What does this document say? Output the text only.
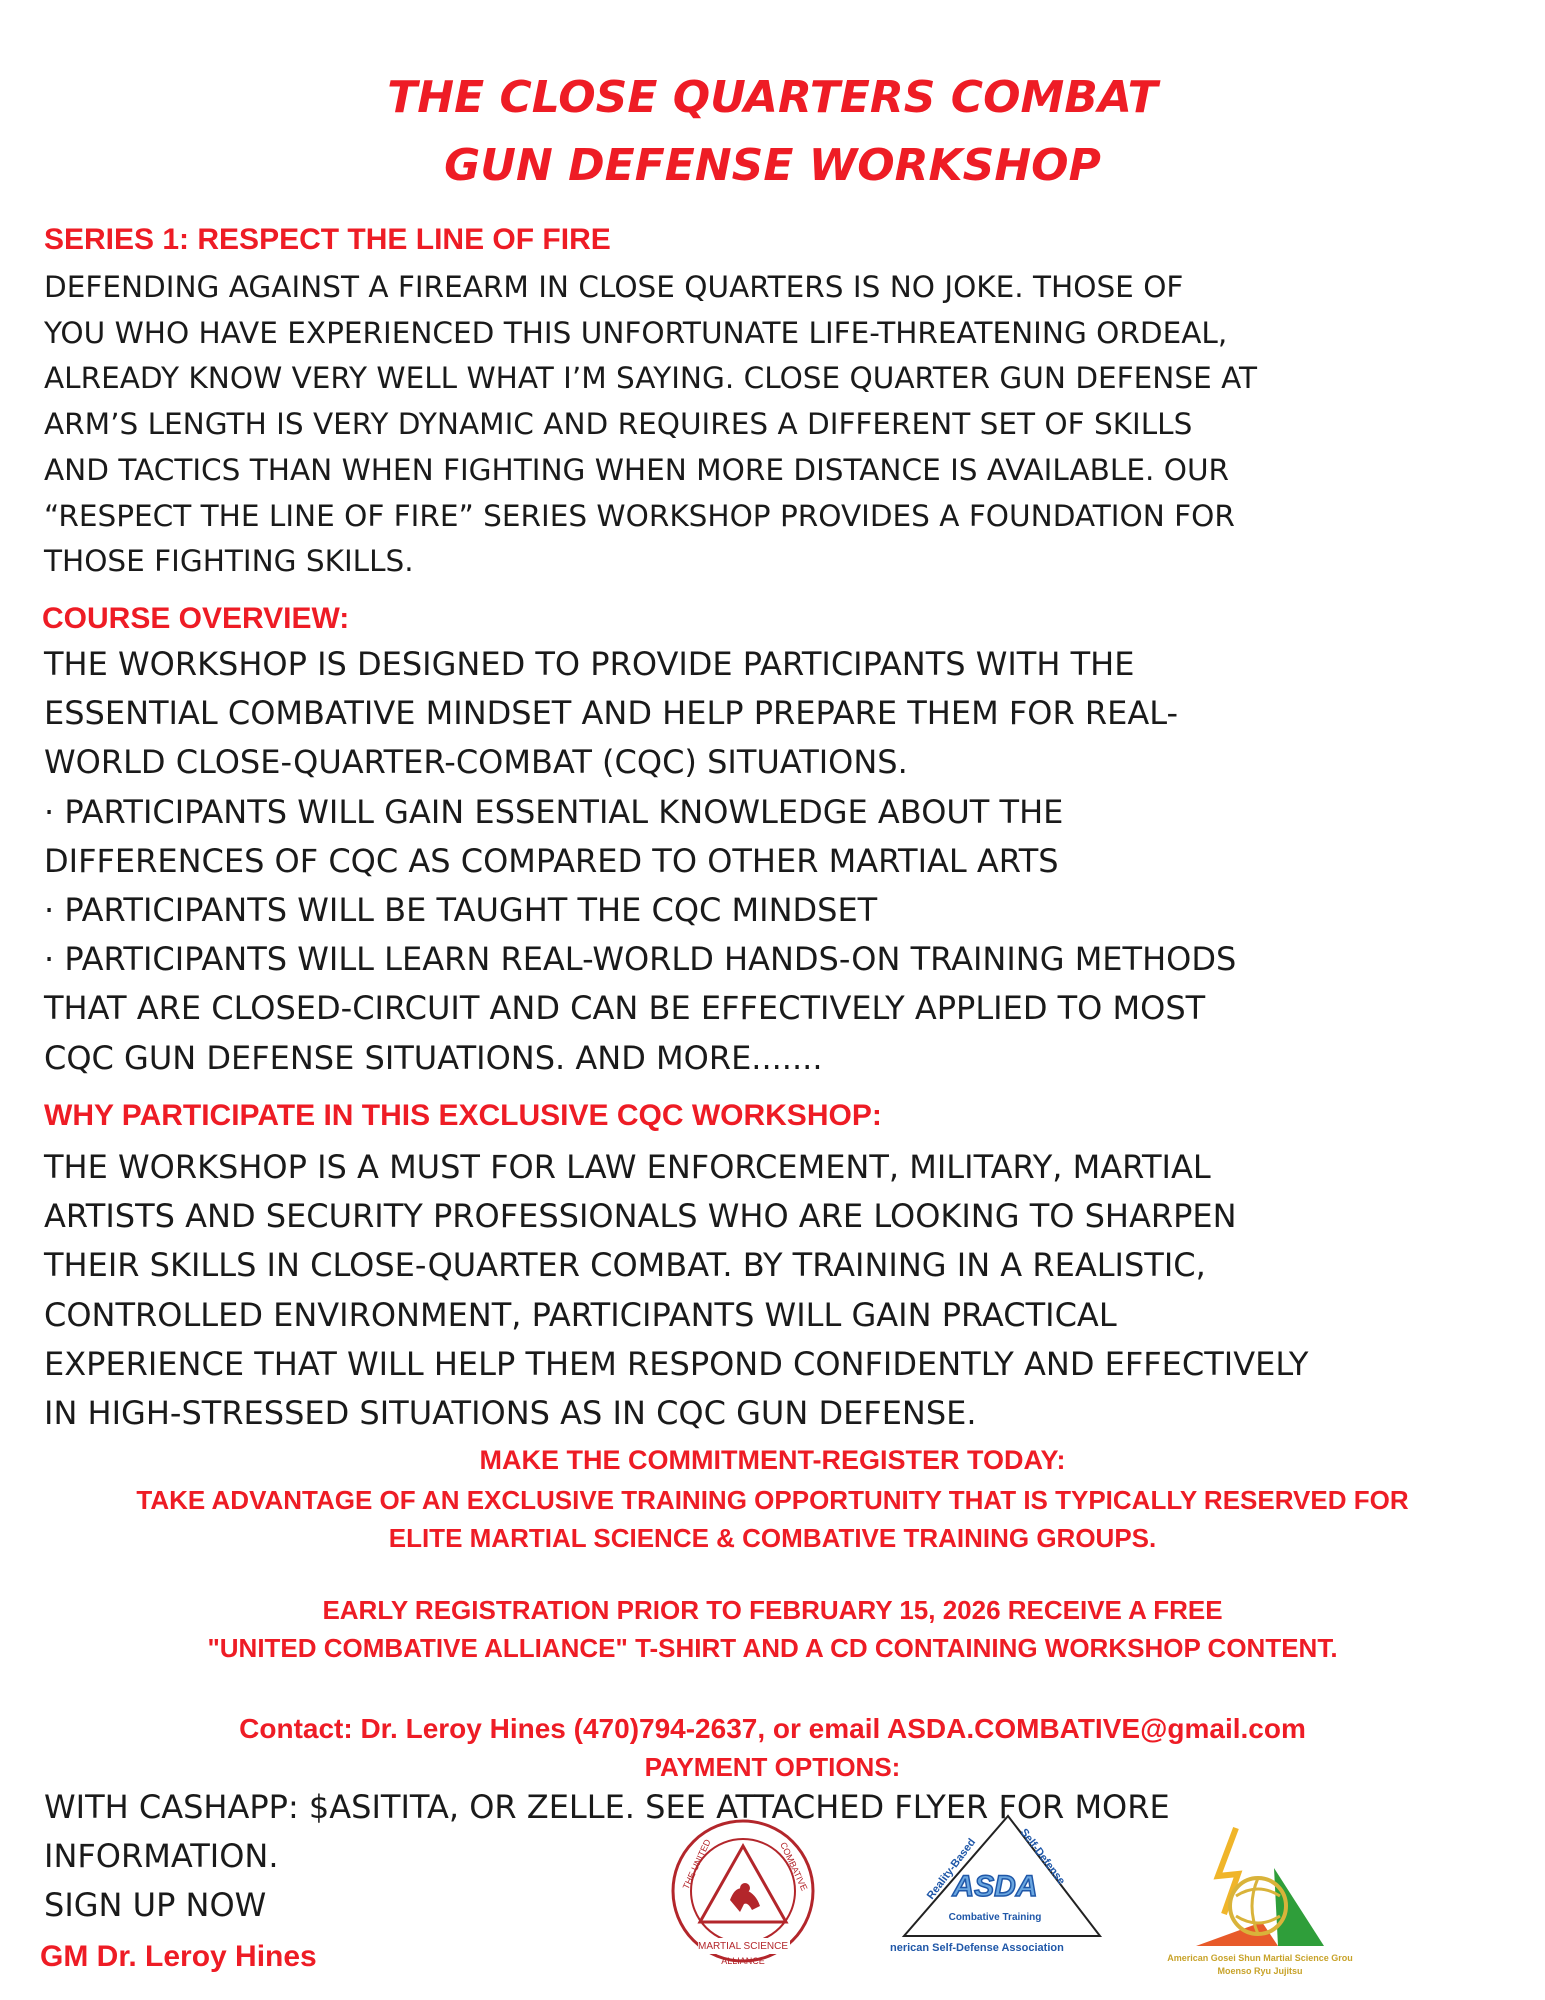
THE CLOSE QUARTERS COMBAT
GUN DEFENSE WORKSHOP
SERIES 1: RESPECT THE LINE OF FIRE
DEFENDING AGAINST A FIREARM IN CLOSE QUARTERS IS NO JOKE. THOSE OF
YOU WHO HAVE EXPERIENCED THIS UNFORTUNATE LIFE-THREATENING ORDEAL,
ALREADY KNOW VERY WELL WHAT I’M SAYING. CLOSE QUARTER GUN DEFENSE AT
ARM’S LENGTH IS VERY DYNAMIC AND REQUIRES A DIFFERENT SET OF SKILLS
AND TACTICS THAN WHEN FIGHTING WHEN MORE DISTANCE IS AVAILABLE. OUR
“RESPECT THE LINE OF FIRE” SERIES WORKSHOP PROVIDES A FOUNDATION FOR
THOSE FIGHTING SKILLS.
COURSE OVERVIEW:
THE WORKSHOP IS DESIGNED TO PROVIDE PARTICIPANTS WITH THE
ESSENTIAL COMBATIVE MINDSET AND HELP PREPARE THEM FOR REAL-
WORLD CLOSE-QUARTER-COMBAT (CQC) SITUATIONS.
· PARTICIPANTS WILL GAIN ESSENTIAL KNOWLEDGE ABOUT THE
DIFFERENCES OF CQC AS COMPARED TO OTHER MARTIAL ARTS
· PARTICIPANTS WILL BE TAUGHT THE CQC MINDSET
· PARTICIPANTS WILL LEARN REAL-WORLD HANDS-ON TRAINING METHODS
THAT ARE CLOSED-CIRCUIT AND CAN BE EFFECTIVELY APPLIED TO MOST
CQC GUN DEFENSE SITUATIONS. AND MORE.......
WHY PARTICIPATE IN THIS EXCLUSIVE CQC WORKSHOP:
THE WORKSHOP IS A MUST FOR LAW ENFORCEMENT, MILITARY, MARTIAL
ARTISTS AND SECURITY PROFESSIONALS WHO ARE LOOKING TO SHARPEN
THEIR SKILLS IN CLOSE-QUARTER COMBAT. BY TRAINING IN A REALISTIC,
CONTROLLED ENVIRONMENT, PARTICIPANTS WILL GAIN PRACTICAL
EXPERIENCE THAT WILL HELP THEM RESPOND CONFIDENTLY AND EFFECTIVELY
IN HIGH-STRESSED SITUATIONS AS IN CQC GUN DEFENSE.
MAKE THE COMMITMENT-REGISTER TODAY:
TAKE ADVANTAGE OF AN EXCLUSIVE TRAINING OPPORTUNITY THAT IS TYPICALLY RESERVED FOR
ELITE MARTIAL SCIENCE & COMBATIVE TRAINING GROUPS.
EARLY REGISTRATION PRIOR TO FEBRUARY 15, 2026 RECEIVE A FREE
"UNITED COMBATIVE ALLIANCE" T-SHIRT AND A CD CONTAINING WORKSHOP CONTENT.
Contact: Dr. Leroy Hines (470)794-2637, or email ASDA.COMBATIVE@gmail.com
PAYMENT OPTIONS:
WITH CASHAPP: $ASITITA, OR ZELLE. SEE ATTACHED FLYER FOR MORE
INFORMATION.
SIGN UP NOW
GM Dr. Leroy Hines
THE UNITED	COMBATIVE
MARTIAL SCIENCE
ALLIANCE
Reality-Based	Self-Defense
ASDA
Combative Training
nerican Self-Defense Association
American Gosei Shun Martial Science Grou
Moenso Ryu Jujitsu
